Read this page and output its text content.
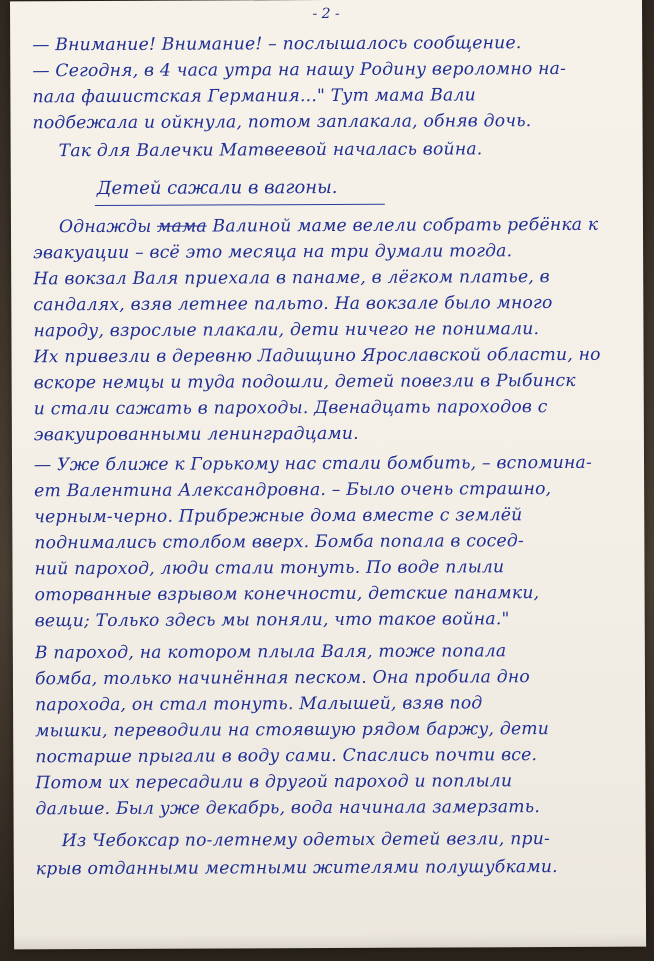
- 2 -
— Внимание! Внимание! – послышалось сообщение.
— Сегодня, в 4 часа утра на нашу Родину вероломно на-
пала фашистская Германия..." Тут мама Вали
подбежала и ойкнула, потом заплакала, обняв дочь.
Так для Валечки Матвеевой началась война.
Детей сажали в вагоны.
Однажды мама Валиной маме велели собрать ребёнка к
эвакуации – всё это месяца на три думали тогда.
На вокзал Валя приехала в панаме, в лёгком платье, в
сандалях, взяв летнее пальто. На вокзале было много
народу, взрослые плакали, дети ничего не понимали.
Их привезли в деревню Ладищино Ярославской области, но
вскоре немцы и туда подошли, детей повезли в Рыбинск
и стали сажать в пароходы. Двенадцать пароходов с
эвакуированными ленинградцами.
— Уже ближе к Горькому нас стали бомбить, – вспомина-
ет Валентина Александровна. – Было очень страшно,
черным-черно. Прибрежные дома вместе с землёй
поднимались столбом вверх. Бомба попала в сосед-
ний пароход, люди стали тонуть. По воде плыли
оторванные взрывом конечности, детские панамки,
вещи; Только здесь мы поняли, что такое война."
В пароход, на котором плыла Валя, тоже попала
бомба, только начинённая песком. Она пробила дно
парохода, он стал тонуть. Малышей, взяв под
мышки, переводили на стоявшую рядом баржу, дети
постарше прыгали в воду сами. Спаслись почти все.
Потом их пересадили в другой пароход и поплыли
дальше. Был уже декабрь, вода начинала замерзать.
Из Чебоксар по-летнему одетых детей везли, при-
крыв отданными местными жителями полушубками.
